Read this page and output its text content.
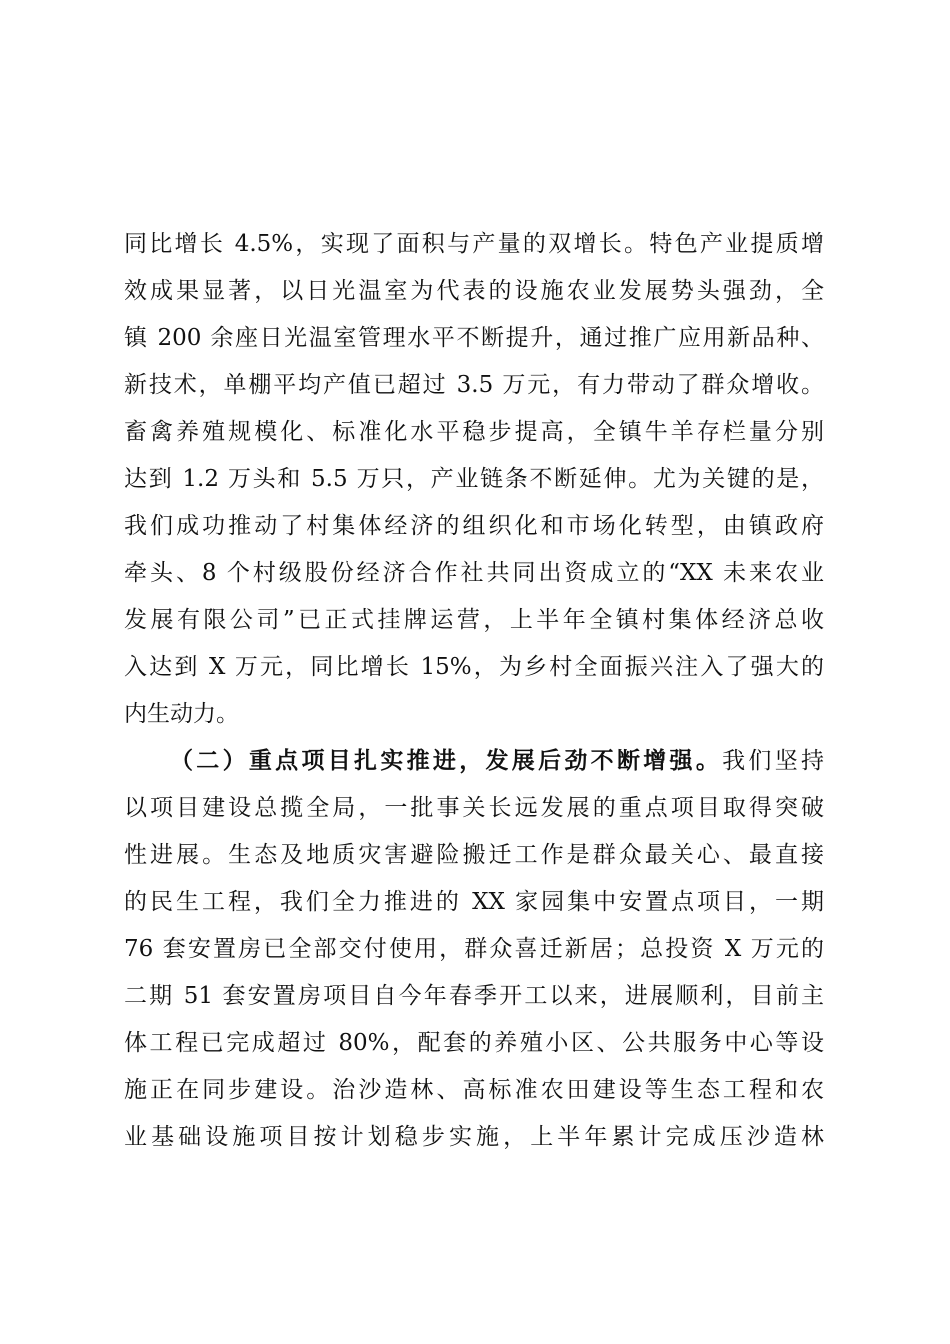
同比增长 4.5%，实现了面积与产量的双增长。特色产业提质增
效成果显著，以日光温室为代表的设施农业发展势头强劲，全
镇 200 余座日光温室管理水平不断提升，通过推广应用新品种、
新技术，单棚平均产值已超过 3.5 万元，有力带动了群众增收。
畜禽养殖规模化、标准化水平稳步提高，全镇牛羊存栏量分别
达到 1.2 万头和 5.5 万只，产业链条不断延伸。尤为关键的是，
我们成功推动了村集体经济的组织化和市场化转型，由镇政府
牵头、8 个村级股份经济合作社共同出资成立的“XX 未来农业
发展有限公司”已正式挂牌运营，上半年全镇村集体经济总收
入达到 X 万元，同比增长 15%，为乡村全面振兴注入了强大的
内生动力。
（二）重点项目扎实推进，发展后劲不断增强。我们坚持
以项目建设总揽全局，一批事关长远发展的重点项目取得突破
性进展。生态及地质灾害避险搬迁工作是群众最关心、最直接
的民生工程，我们全力推进的 XX 家园集中安置点项目，一期
76 套安置房已全部交付使用，群众喜迁新居；总投资 X 万元的
二期 51 套安置房项目自今年春季开工以来，进展顺利，目前主
体工程已完成超过 80%，配套的养殖小区、公共服务中心等设
施正在同步建设。治沙造林、高标准农田建设等生态工程和农
业基础设施项目按计划稳步实施，上半年累计完成压沙造林
